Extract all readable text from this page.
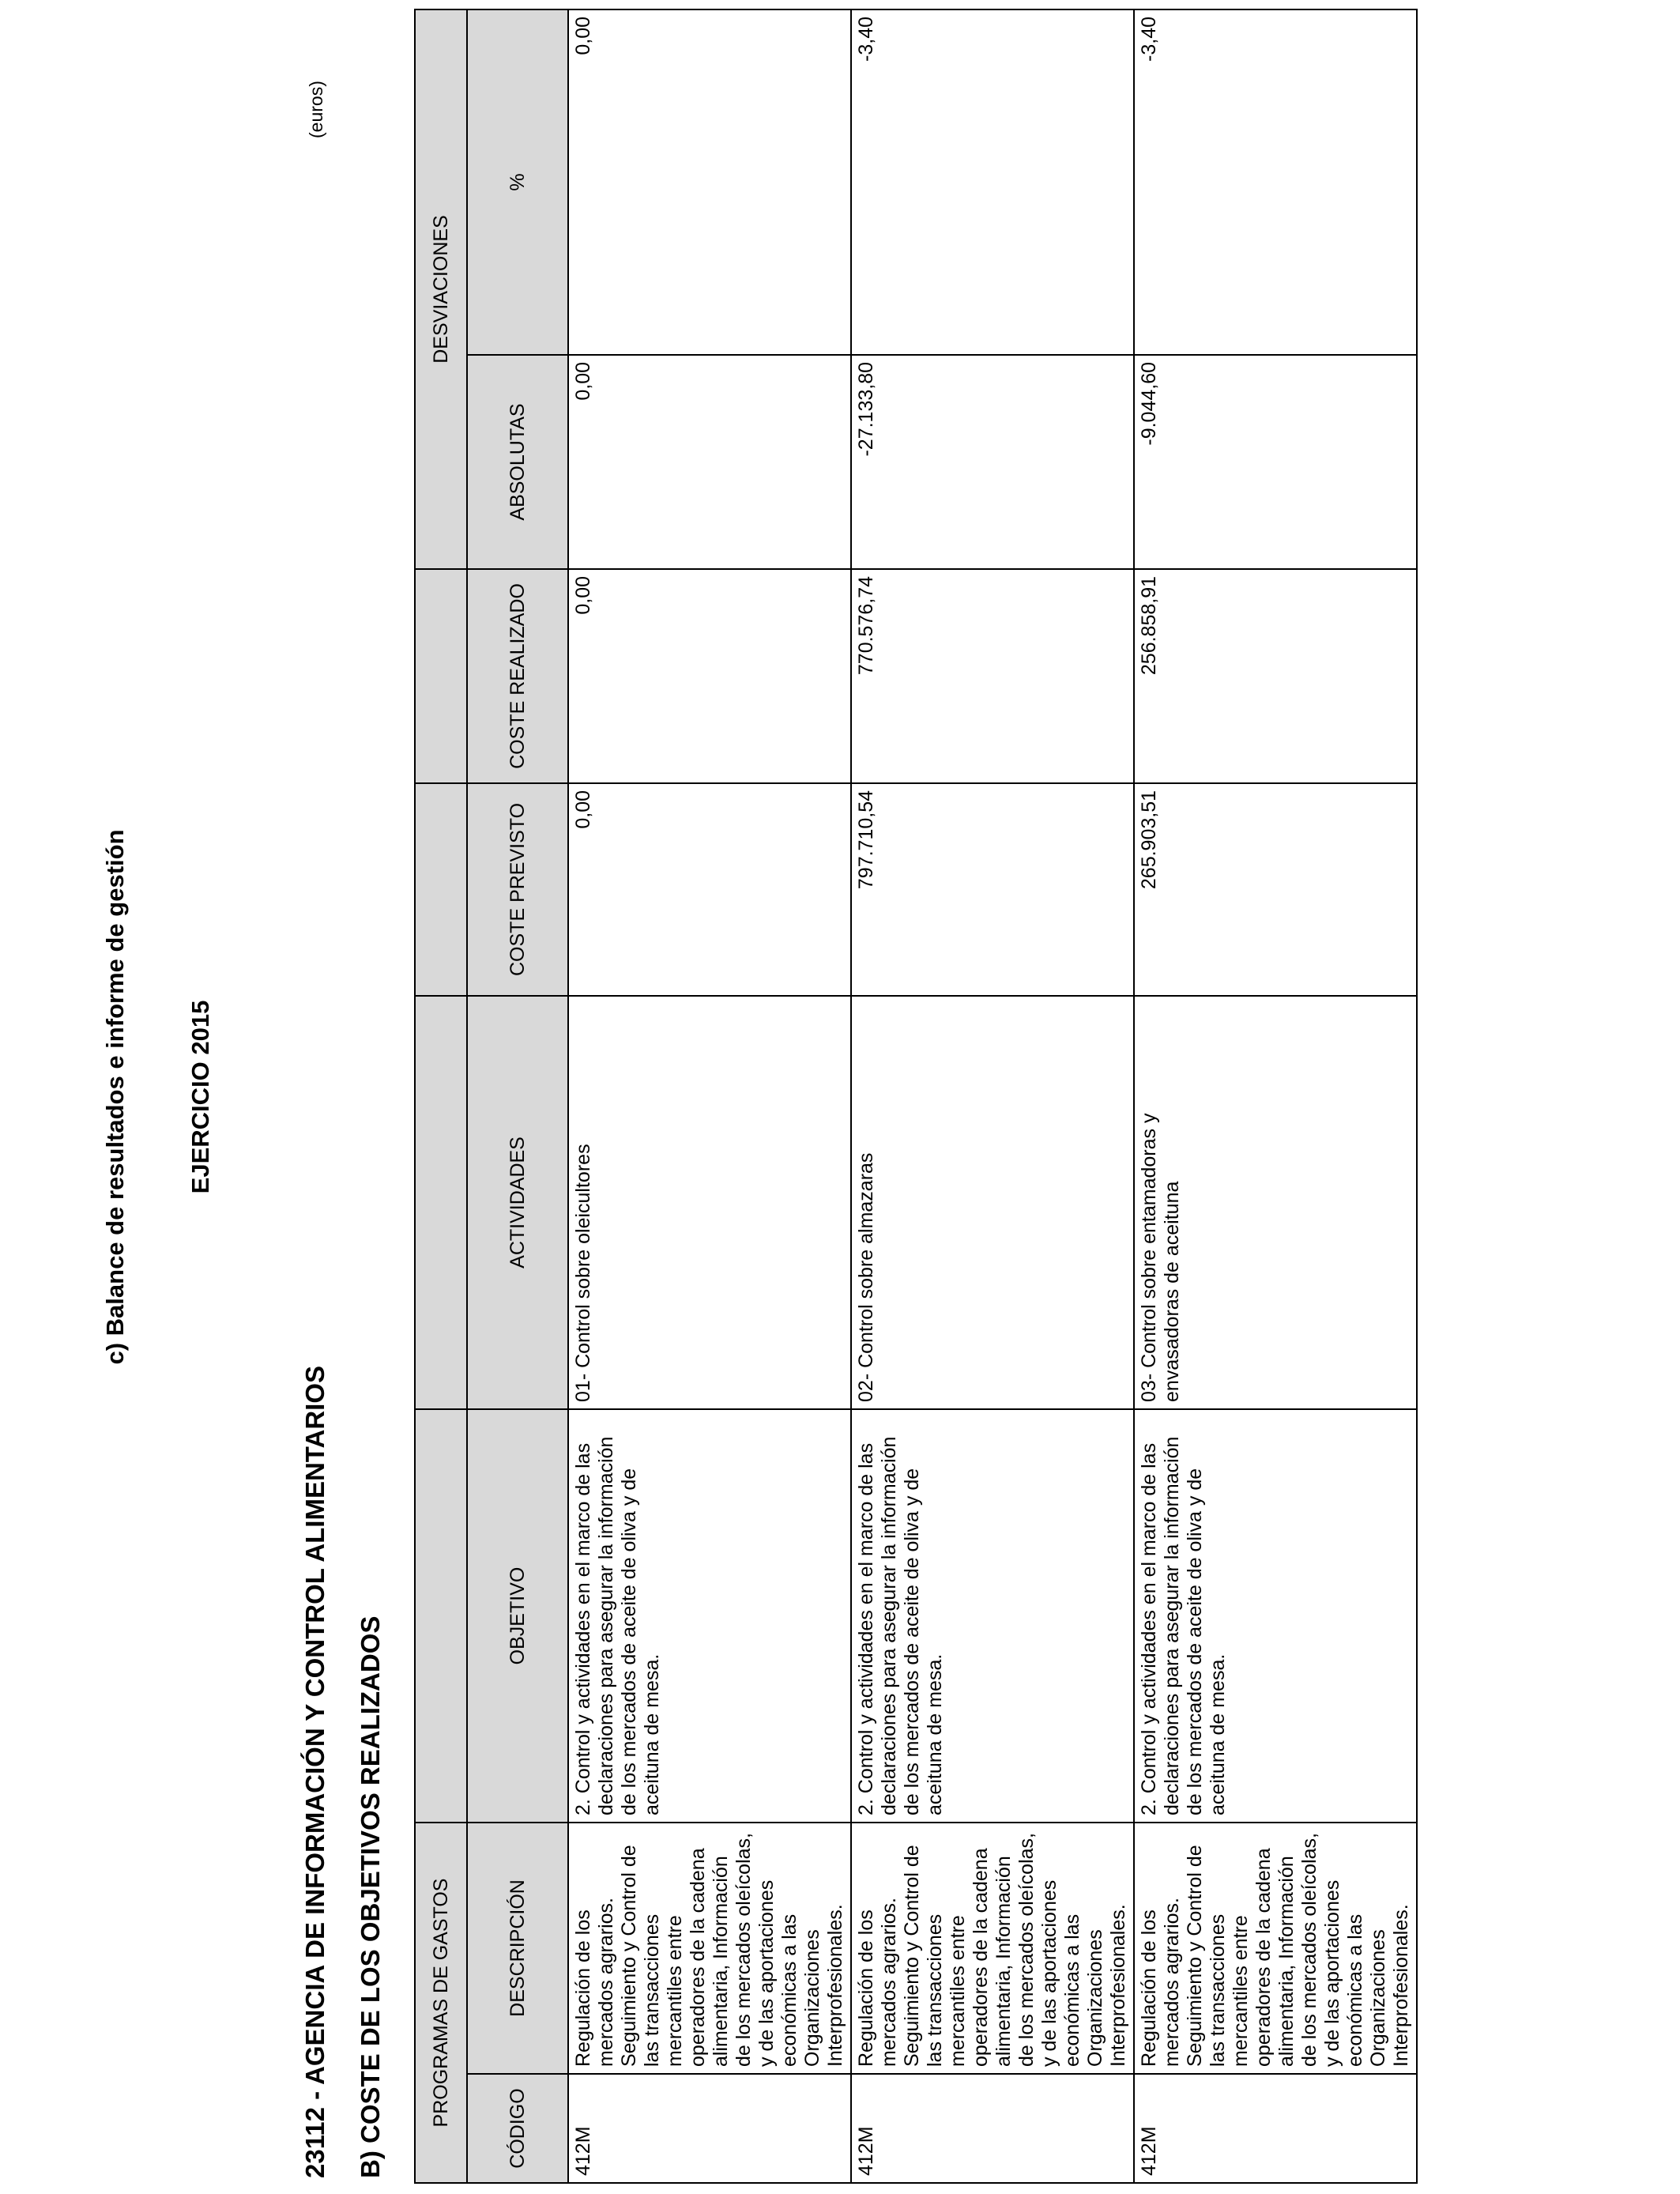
c) Balance de resultados e informe de gestión EJERCICIO 2015
23112 - AGENCIA DE INFORMACIÓN Y CONTROL ALIMENTARIOS B) COSTE DE LOS OBJETIVOS REALIZADOS
(euros)
PROGRAMAS DE GASTOS						DESVIACIONES	
CÓDIGO	DESCRIPCIÓN	OBJETIVO	ACTIVIDADES	COSTE PREVISTO	COSTE REALIZADO	ABSOLUTAS	%
412M	Regulación de los mercados agrarios. Seguimiento y Control de las transacciones mercantiles entre operadores de la cadena alimentaria, Información de los mercados oleícolas, y de las aportaciones económicas a las Organizaciones Interprofesionales.	2. Control y actividades en el marco de las declaraciones para asegurar la información de los mercados de aceite de oliva y de aceituna de mesa.	01- Control sobre oleicultores	0,00	0,00	0,00	0,00
412M	Regulación de los mercados agrarios. Seguimiento y Control de las transacciones mercantiles entre operadores de la cadena alimentaria, Información de los mercados oleícolas, y de las aportaciones económicas a las Organizaciones Interprofesionales.	2. Control y actividades en el marco de las declaraciones para asegurar la información de los mercados de aceite de oliva y de aceituna de mesa.	02- Control sobre almazaras	797.710,54	770.576,74	-27.133,80	-3,40
412M	Regulación de los mercados agrarios. Seguimiento y Control de las transacciones mercantiles entre operadores de la cadena alimentaria, Información de los mercados oleícolas, y de las aportaciones económicas a las Organizaciones Interprofesionales.	2. Control y actividades en el marco de las declaraciones para asegurar la información de los mercados de aceite de oliva y de aceituna de mesa.	03- Control sobre entamadoras y envasadoras de aceituna	265.903,51	256.858,91	-9.044,60	-3,40
